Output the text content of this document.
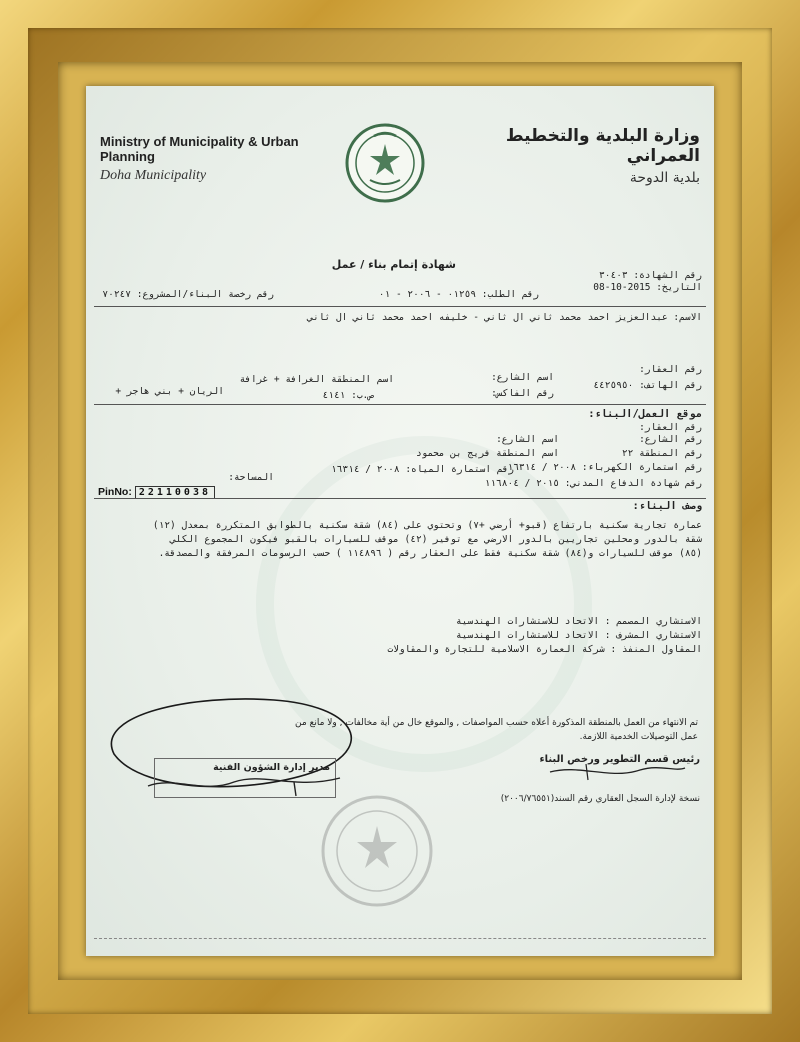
Ministry of Municipality & Urban Planning
Doha Municipality
وزارة البلدية والتخطيط العمراني
بلدية الدوحة
شهادة إتمام بناء / عمل
رقم الشهادة: ٣٠٤٠٣
التاريخ: 2015-10-08
رقم الطلب: ٠١٢٥٩ - ٢٠٠٦ - ٠١
رقم رخصة البناء/المشروع: ٧٠٢٤٧
الاسم: عبدالعزيز احمد محمد ثاني ال ثاني - خليفه احمد محمد ثاني ال ثاني
رقم العقار:
اسم الشارع:
اسم المنطقة الغرافة + غرافة
الريان + بني هاجر +
رقم الهاتف: ٤٤٢٥٩٥٠
رقم الفاكس:
ص.ب: ٤١٤١
موقع العمل/البناء:
رقم العقار:
رقم الشارع:
اسم الشارع:
رقم المنطقة ٢٢
اسم المنطقة فريج بن محمود
رقم استمارة الكهرباء: ٢٠٠٨ / ١٦٣١٤
رقم استمارة المياه: ٢٠٠٨ / ١٦٣١٤
المساحة:
رقم شهادة الدفاع المدني: ٢٠١٥ / ١١٦٨٠٤
PinNo: 22110038
وصف البناء:
عمارة تجارية سكنية بارتفاع (قبو+ أرضي +٧) وتحتوي على (٨٤) شقة سكنية بالطوابق المتكررة بمعدل (١٢)
شقة بالدور ومحلين تجاريين بالدور الارضي مع توفير (٤٢) موقف للسيارات بالقبو فيكون المجموع الكلي
(٨٥) موقف للسيارات و(٨٤) شقة سكنية فقط على العقار رقم ( ١١٤٨٩٦ ) حسب الرسومات المرفقة والمصدقة.
الاستشاري المصمم : الاتحاد للاستشارات الهندسية
الاستشاري المشرف : الاتحاد للاستشارات الهندسية
المقاول المنفذ : شركة العمارة الاسلامية للتجارة والمقاولات
تم الانتهاء من العمل بالمنطقة المذكورة أعلاه حسب المواصفات , والموقع خال من أية مخالفات , ولا مانع من
عمل التوصيلات الخدمية اللازمة.
مدير إدارة الشؤون الفنية
رئيس قسم التطوير ورخص البناء
نسخة لإدارة السجل العقاري رقم السند(٢٠٠٦/٧٦٥٥١)
